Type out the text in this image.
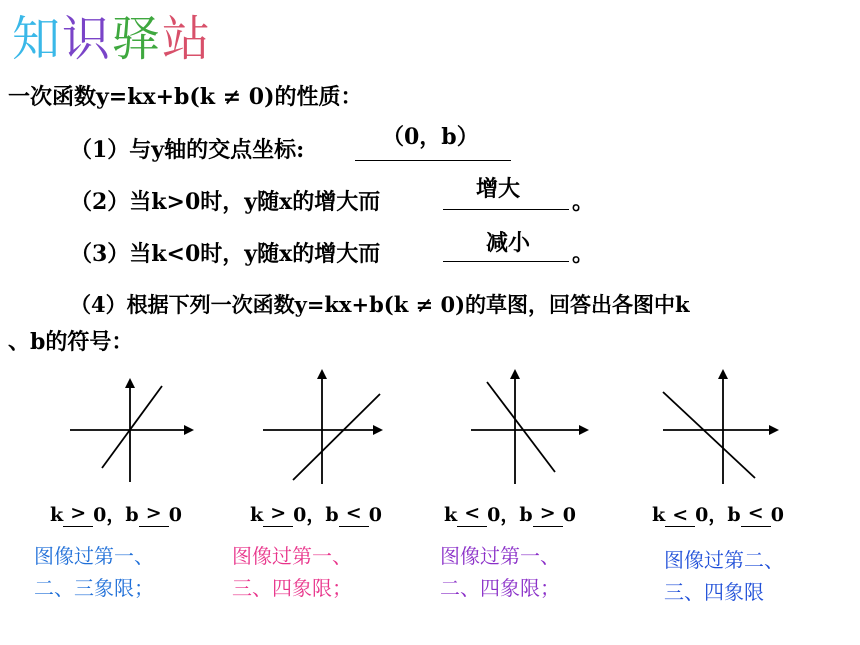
知识驿站
一次函数y=kx+b(k ≠ 0)的性质：
（1）与y轴的交点坐标:	（0，b）
（2）当k>0时，y随x的增大而	增大 。
（3）当k<0时，y随x的增大而	减小 。
（4）根据下列一次函数y=kx+b(k ≠ 0)的草图，回答出各图中k
、b的符号：
k > 0，b > 0	k > 0，b < 0	k < 0，b > 0	k < 0，b < 0
图像过第一、
二、三象限；
图像过第一、
三、四象限；
图像过第一、
二、四象限；
图像过第二、
三、四象限
